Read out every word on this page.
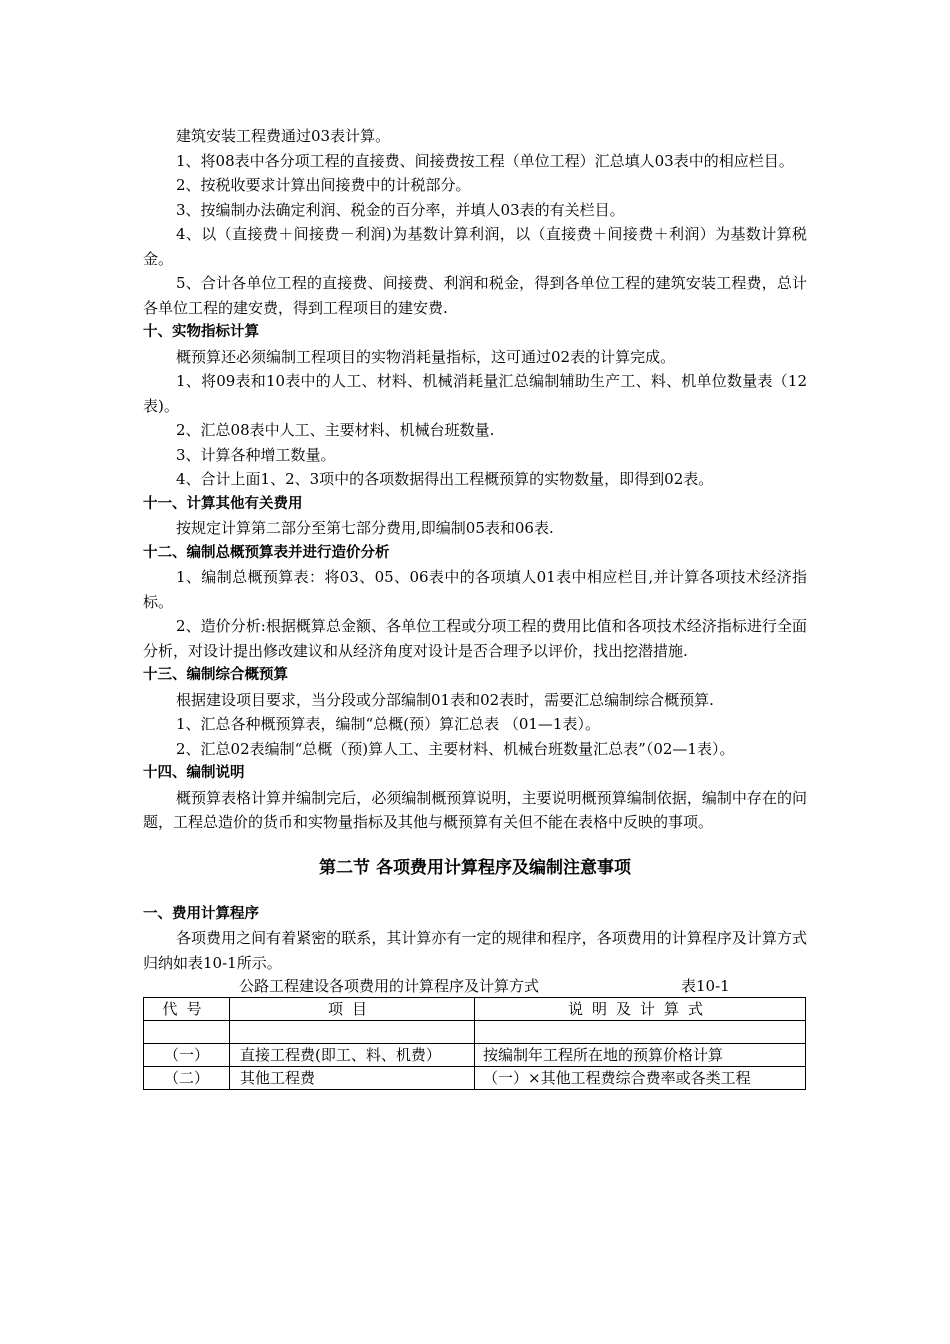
建筑安装工程费通过03表计算。

1、将08表中各分项工程的直接费、间接费按工程（单位工程）汇总填人03表中的相应栏目。

2、按税收要求计算出间接费中的计税部分。

3、按编制办法确定利润、税金的百分率，并填人03表的有关栏目。

4、以（直接费＋间接费－利润)为基数计算利润，以（直接费＋间接费＋利润）为基数计算税金。

5、合计各单位工程的直接费、间接费、利润和税金，得到各单位工程的建筑安装工程费，总计各单位工程的建安费，得到工程项目的建安费.

十、实物指标计算

概预算还必须编制工程项目的实物消耗量指标，这可通过02表的计算完成。

1、将09表和10表中的人工、材料、机械消耗量汇总编制辅助生产工、料、机单位数量表（12表)。

2、汇总08表中人工、主要材料、机械台班数量.

3、计算各种增工数量。

4、合计上面1、2、3项中的各项数据得出工程概预算的实物数量，即得到02表。

十一、计算其他有关费用

按规定计算第二部分至第七部分费用,即编制05表和06表.

十二、编制总概预算表并进行造价分析

1、编制总概预算表：将03、05、06表中的各项填人01表中相应栏目,并计算各项技术经济指标。

2、造价分析:根据概算总金额、各单位工程或分项工程的费用比值和各项技术经济指标进行全面分析，对设计提出修改建议和从经济角度对设计是否合理予以评价，找出挖潜措施.

十三、编制综合概预算

根据建设项目要求，当分段或分部编制01表和02表时，需要汇总编制综合概预算.

1、汇总各种概预算表，编制“总概(预）算汇总表 （01—1表）。

2、汇总02表编制“总概（预)算人工、主要材料、机械台班数量汇总表”（02—1表）。

十四、编制说明

概预算表格计算并编制完后，必须编制概预算说明，主要说明概预算编制依据，编制中存在的问题，工程总造价的货币和实物量指标及其他与概预算有关但不能在表格中反映的事项。

第二节 各项费用计算程序及编制注意事项

一、费用计算程序

各项费用之间有着紧密的联系，其计算亦有一定的规律和程序，各项费用的计算程序及计算方式归纳如表10-1所示。

公路工程建设各项费用的计算程序及计算方式	表10-1
代号	项目	说明及计算式

（一）	直接工程费(即工、料、机费）	按编制年工程所在地的预算价格计算
（二）	其他工程费	（一）×其他工程费综合费率或各类工程
